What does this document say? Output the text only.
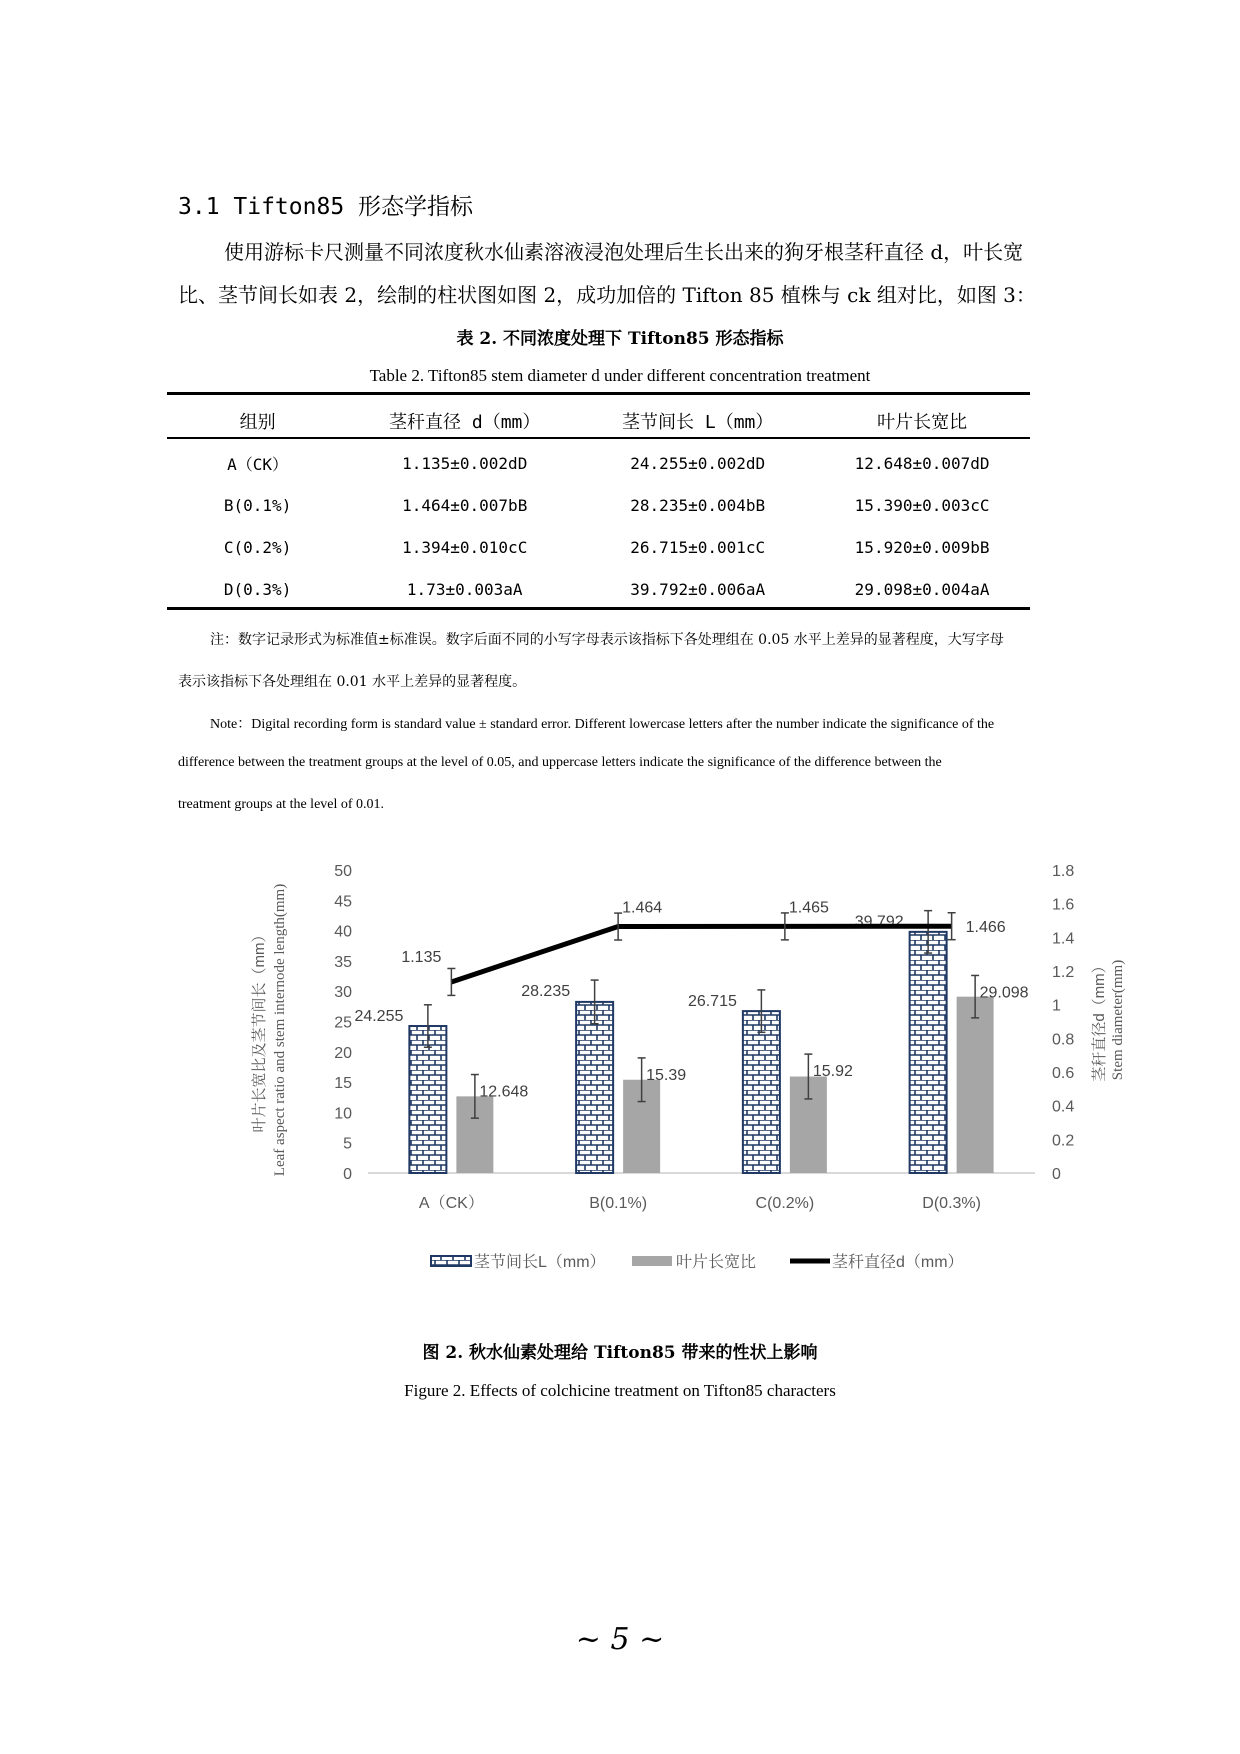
3.1 Tifton85 形态学指标
使用游标卡尺测量不同浓度秋水仙素溶液浸泡处理后生长出来的狗牙根茎秆直径 d，叶长宽
比、茎节间长如表 2，绘制的柱状图如图 2，成功加倍的 Tifton 85 植株与 ck 组对比，如图 3：
表 2. 不同浓度处理下 Tifton85 形态指标
Table 2. Tifton85 stem diameter d under different concentration treatment
组别	茎秆直径 d（mm）	茎节间长 L（mm）	叶片长宽比
A（CK）	1.135±0.002dD	24.255±0.002dD	12.648±0.007dD
B(0.1%)	1.464±0.007bB	28.235±0.004bB	15.390±0.003cC
C(0.2%)	1.394±0.010cC	26.715±0.001cC	15.920±0.009bB
D(0.3%)	1.73±0.003aA	39.792±0.006aA	29.098±0.004aA
注：数字记录形式为标准值±标准误。数字后面不同的小写字母表示该指标下各处理组在 0.05 水平上差异的显著程度，大写字母
表示该指标下各处理组在 0.01 水平上差异的显著程度。
Note：Digital recording form is standard value ± standard error. Different lowercase letters after the number indicate the significance of the
difference between the treatment groups at the level of 0.05, and uppercase letters indicate the significance of the difference between the
treatment groups at the level of 0.01.
0
5
10
15
20
25
30
35
40
45
50
0
0.2
0.4
0.6
0.8
1
1.2
1.4
1.6
1.8
A（CK）	B(0.1%)	C(0.2%)	D(0.3%)
24.255
12.648
28.235
15.39
26.715
15.92
39.792
29.098
1.135
1.464	1.465
1.466
叶片长宽比及茎节间长（mm） Leaf aspect ratio and stem internode length(mm)	茎秆直径d（mm） Stem diameter(mm)
茎节间长L（mm）	叶片长宽比	茎秆直径d（mm）
图 2. 秋水仙素处理给 Tifton85 带来的性状上影响
Figure 2. Effects of colchicine treatment on Tifton85 characters
~ 5 ~
